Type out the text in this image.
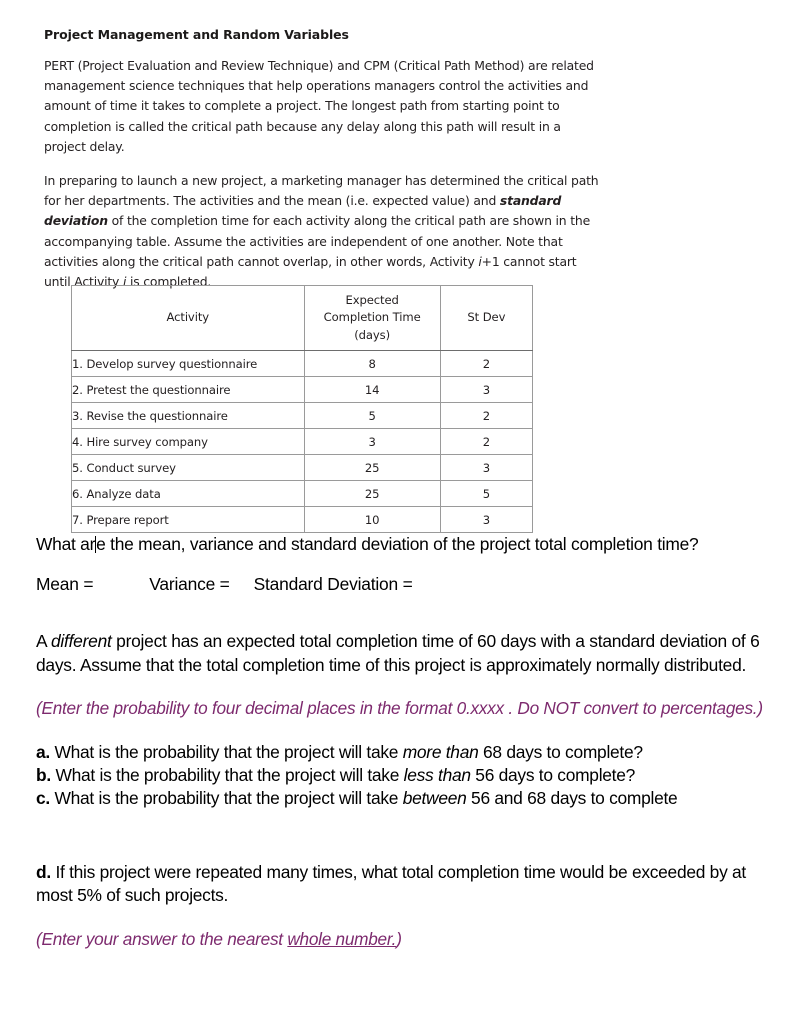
Project Management and Random Variables

PERT (Project Evaluation and Review Technique) and CPM (Critical Path Method) are related management science techniques that help operations managers control the activities and amount of time it takes to complete a project. The longest path from starting point to completion is called the critical path because any delay along this path will result in a project delay.

In preparing to launch a new project, a marketing manager has determined the critical path for her departments. The activities and the mean (i.e. expected value) and standard deviation of the completion time for each activity along the critical path are shown in the accompanying table. Assume the activities are independent of one another. Note that activities along the critical path cannot overlap, in other words, Activity i+1 cannot start until Activity i is completed.

Activity	Expected
Completion Time
(days)	St Dev
1. Develop survey questionnaire	8	2
2. Pretest the questionnaire	14	3
3. Revise the questionnaire	5	2
4. Hire survey company	3	2
5. Conduct survey	25	3
6. Analyze data	25	5
7. Prepare report	10	3

What are the mean, variance and standard deviation of the project total completion time?

Mean =	Variance = Standard Deviation =

A different project has an expected total completion time of 60 days with a standard deviation of 6 days. Assume that the total completion time of this project is approximately normally distributed.

(Enter the probability to four decimal places in the format 0.xxxx . Do NOT convert to percentages.)

a. What is the probability that the project will take more than 68 days to complete?

b. What is the probability that the project will take less than 56 days to complete?

c. What is the probability that the project will take between 56 and 68 days to complete

d. If this project were repeated many times, what total completion time would be exceeded by at most 5% of such projects.

(Enter your answer to the nearest whole number.)
